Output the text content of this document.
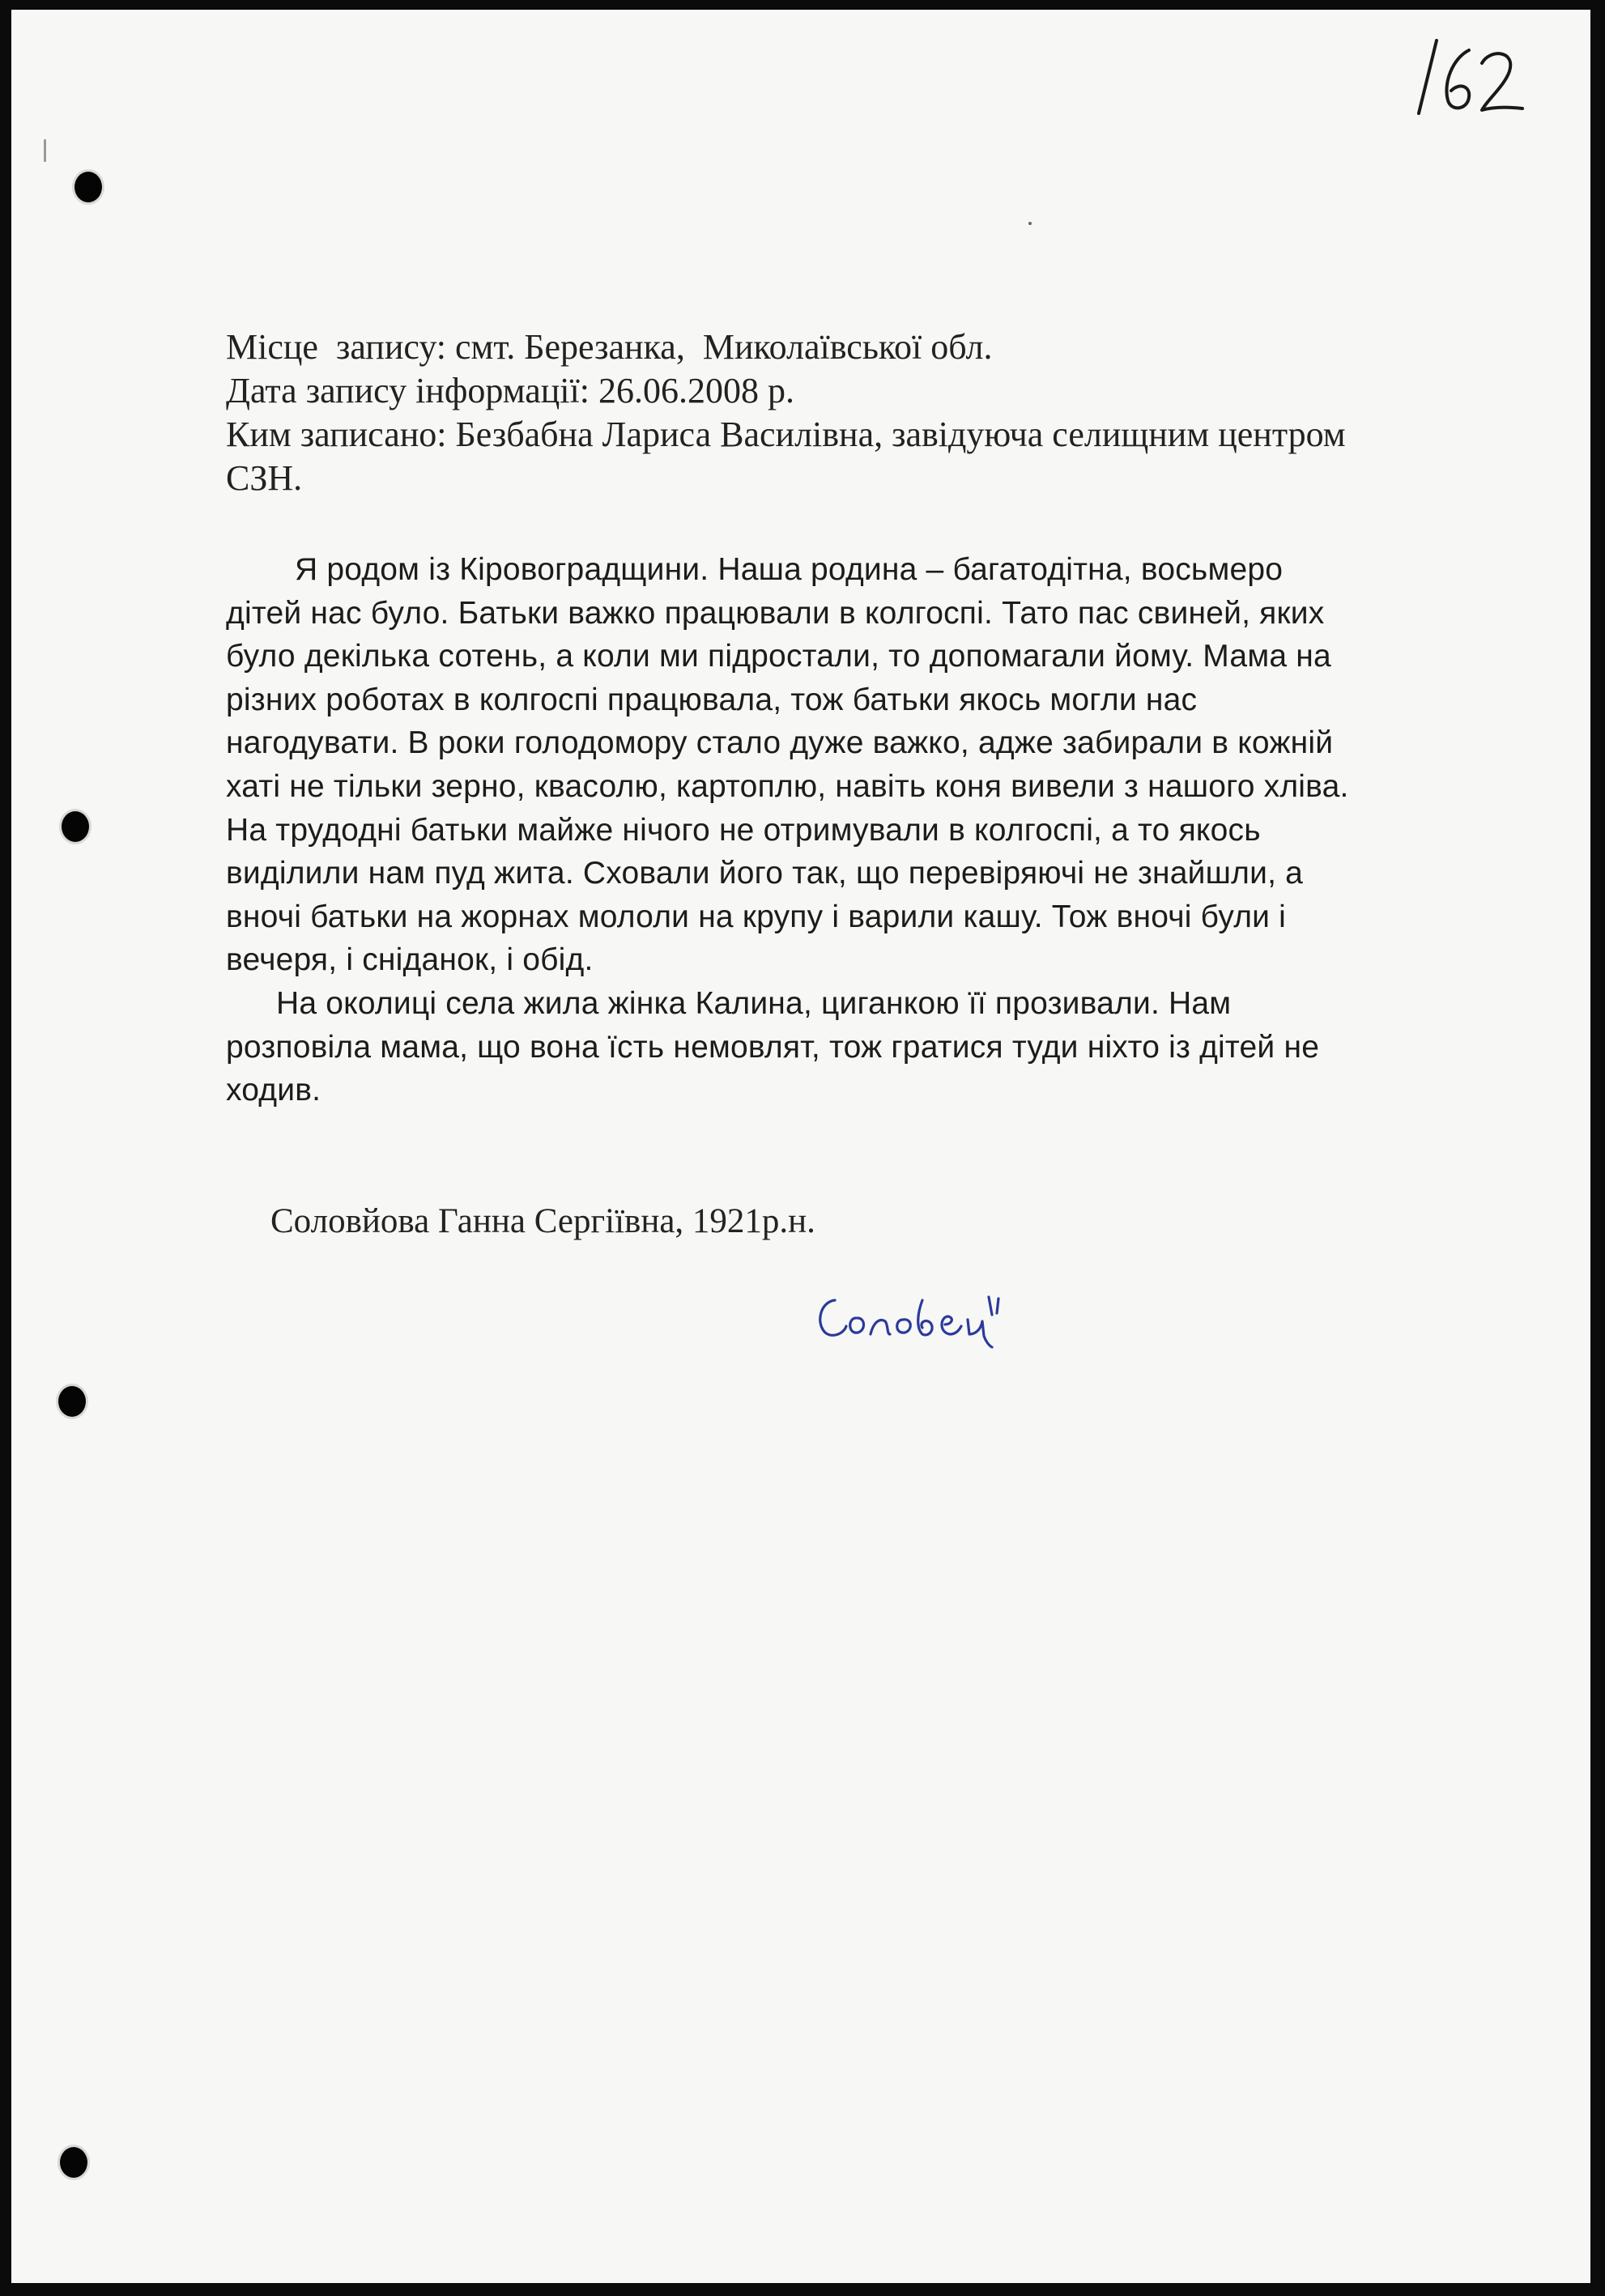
Місце  запису: смт. Березанка,  Миколаївської обл.

Дата запису інформації: 26.06.2008 р.

Ким записано: Безбабна Лариса Василівна, завідуюча селищним центром СЗН.

Я родом із Кіровоградщини. Наша родина – багатодітна, восьмеро дітей нас було. Батьки важко працювали в колгоспі. Тато пас свиней, яких було декілька сотень, а коли ми підростали, то допомагали йому. Мама на різних роботах в колгоспі працювала, тож батьки якось могли нас нагодувати. В роки голодомору стало дуже важко, адже забирали в кожній хаті не тільки зерно, квасолю, картоплю, навіть коня вивели з нашого хліва. На трудодні батьки майже нічого не отримували в колгоспі, а то якось виділили нам пуд жита. Сховали його так, що перевіряючі не знайшли, а вночі батьки на жорнах мололи на крупу і варили кашу. Тож вночі були і вечеря, і сніданок, і обід.

На околиці села жила жінка Калина, циганкою її прозивали. Нам розповіла мама, що вона їсть немовлят, тож гратися туди ніхто із дітей не ходив.

Соловйова Ганна Сергіївна, 1921р.н.
